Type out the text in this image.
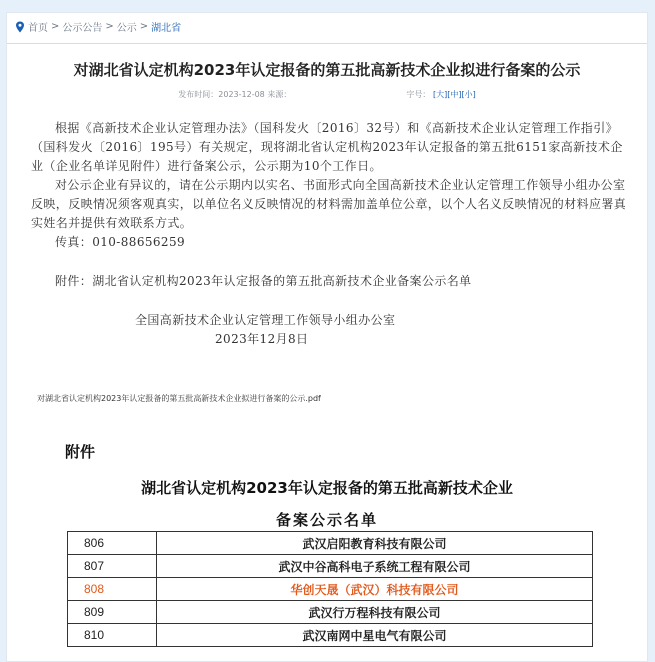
首页 > 公示公告 > 公示 > 湖北省
对湖北省认定机构2023年认定报备的第五批高新技术企业拟进行备案的公示
发布时间：2023-12-08 来源：	字号： [大][中][小]

根据《高新技术企业认定管理办法》（国科发火〔2016〕32号）和《高新技术企业认定管理工作指引》（国科发火〔2016〕195号）有关规定，现将湖北省认定机构2023年认定报备的第五批6151家高新技术企业（企业名单详见附件）进行备案公示，公示期为10个工作日。

对公示企业有异议的，请在公示期内以实名、书面形式向全国高新技术企业认定管理工作领导小组办公室反映，反映情况须客观真实，以单位名义反映情况的材料需加盖单位公章，以个人名义反映情况的材料应署真实姓名并提供有效联系方式。

传真：010-88656259

附件：湖北省认定机构2023年认定报备的第五批高新技术企业备案公示名单

全国高新技术企业认定管理工作领导小组办公室

2023年12月8日

对湖北省认定机构2023年认定报备的第五批高新技术企业拟进行备案的公示.pdf
附件
湖北省认定机构2023年认定报备的第五批高新技术企业
备案公示名单
806	武汉启阳教育科技有限公司
807	武汉中谷高科电子系统工程有限公司
808	华创天晟（武汉）科技有限公司
809	武汉行万程科技有限公司
810	武汉南网中星电气有限公司
